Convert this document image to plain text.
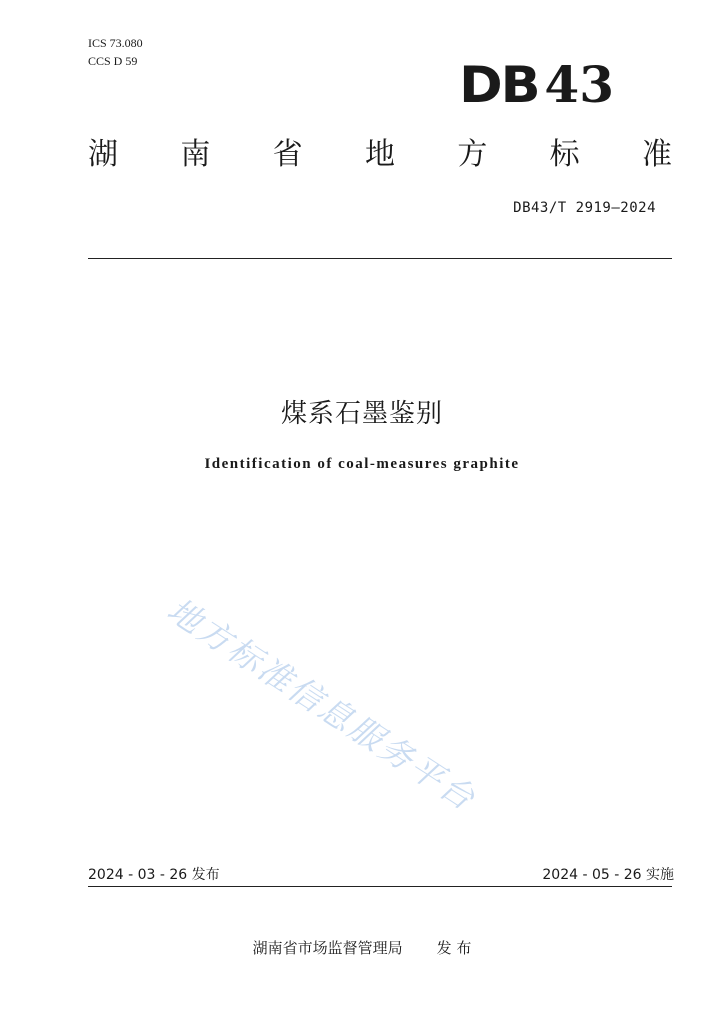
ICS 73.080
CCS D 59	DB 43
湖 南 省 地 方 标 准
DB43/T 2919—2024
煤系石墨鉴别
Identification of coal-measures graphite
地方标准信息服务平台
2024 - 03 - 26 发布	2024 - 05 - 26 实施
湖南省市场监督管理局 发 布
